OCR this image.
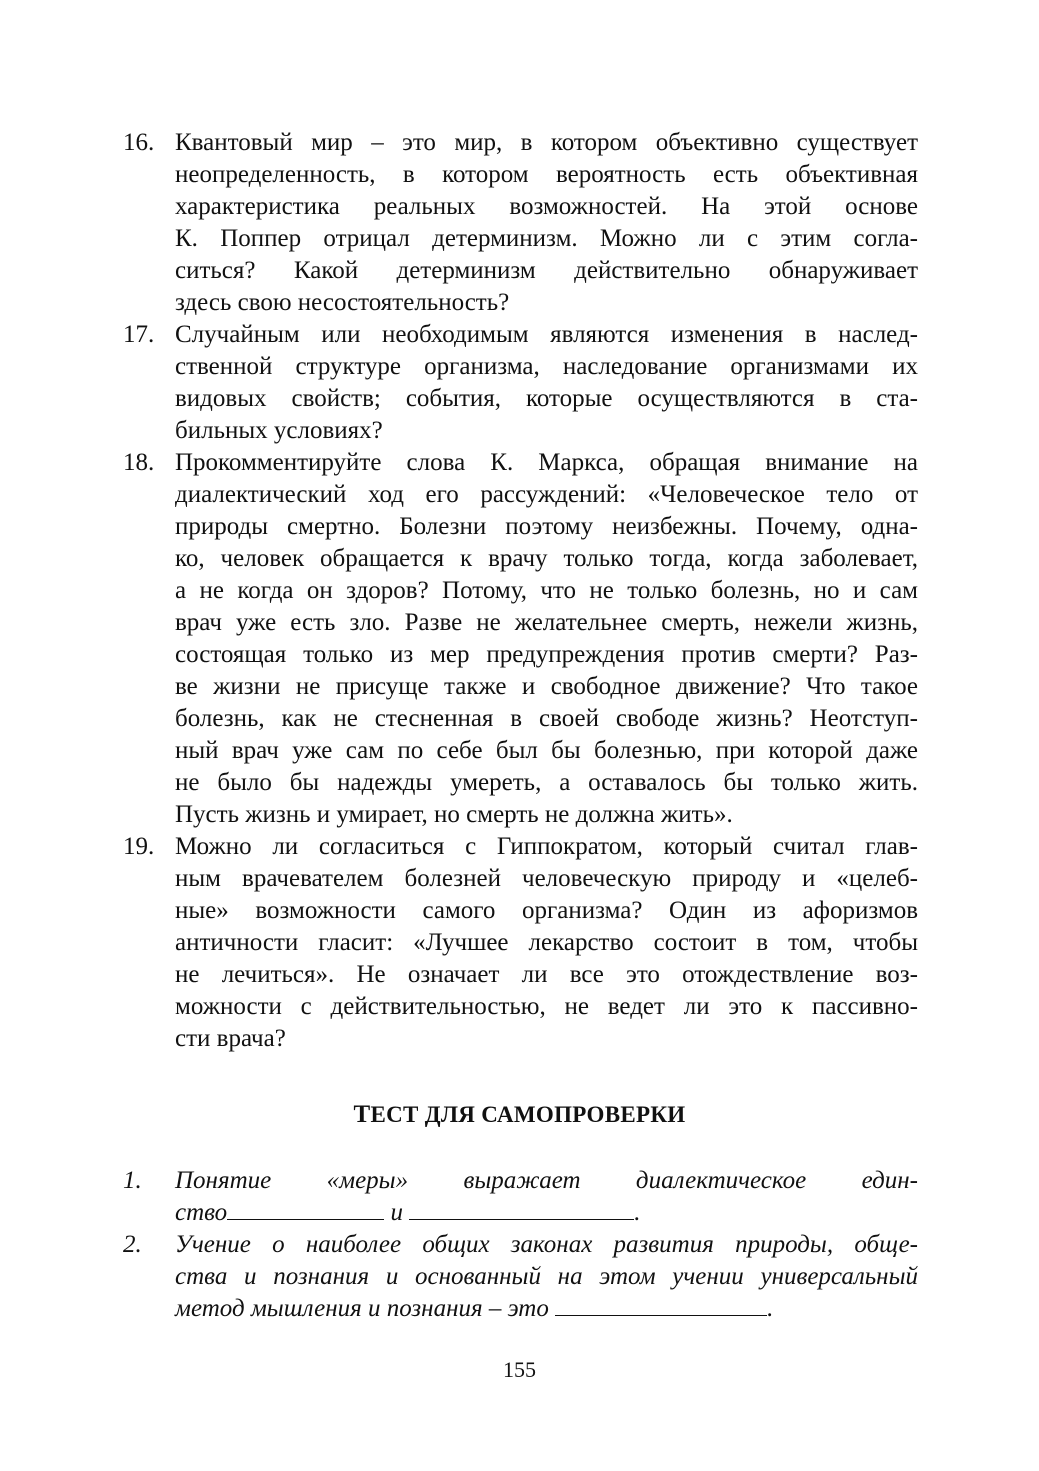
16. Квантовый мир – это мир, в котором объективно существует
неопределенность, в котором вероятность есть объективная
характеристика реальных возможностей. На этой основе
К. Поппер отрицал детерминизм. Можно ли с этим согла-
ситься? Какой детерминизм действительно обнаруживает
здесь свою несостоятельность?
17. Случайным или необходимым являются изменения в наслед-
ственной структуре организма, наследование организмами их
видовых свойств; события, которые осуществляются в ста-
бильных условиях?
18. Прокомментируйте слова К. Маркса, обращая внимание на
диалектический ход его рассуждений: «Человеческое тело от
природы смертно. Болезни поэтому неизбежны. Почему, одна-
ко, человек обращается к врачу только тогда, когда заболевает,
а не когда он здоров? Потому, что не только болезнь, но и сам
врач уже есть зло. Разве не желательнее смерть, нежели жизнь,
состоящая только из мер предупреждения против смерти? Раз-
ве жизни не присуще также и свободное движение? Что такое
болезнь, как не стесненная в своей свободе жизнь? Неотступ-
ный врач уже сам по себе был бы болезнью, при которой даже
не было бы надежды умереть, а оставалось бы только жить.
Пусть жизнь и умирает, но смерть не должна жить».
19. Можно ли согласиться с Гиппократом, который считал глав-
ным врачевателем болезней человеческую природу и «целеб-
ные» возможности самого организма? Один из афоризмов
античности гласит: «Лучшее лекарство состоит в том, чтобы
не лечиться». Не означает ли все это отождествление воз-
можности с действительностью, не ведет ли это к пассивно-
сти врача?
ТЕСТ ДЛЯ САМОПРОВЕРКИ
1. Понятие «меры» выражает диалектическое един-
ство	и	.
2. Учение о наиболее общих законах развития природы, обще-
ства и познания и основанный на этом учении универсальный
метод мышления и познания – это	.
155
